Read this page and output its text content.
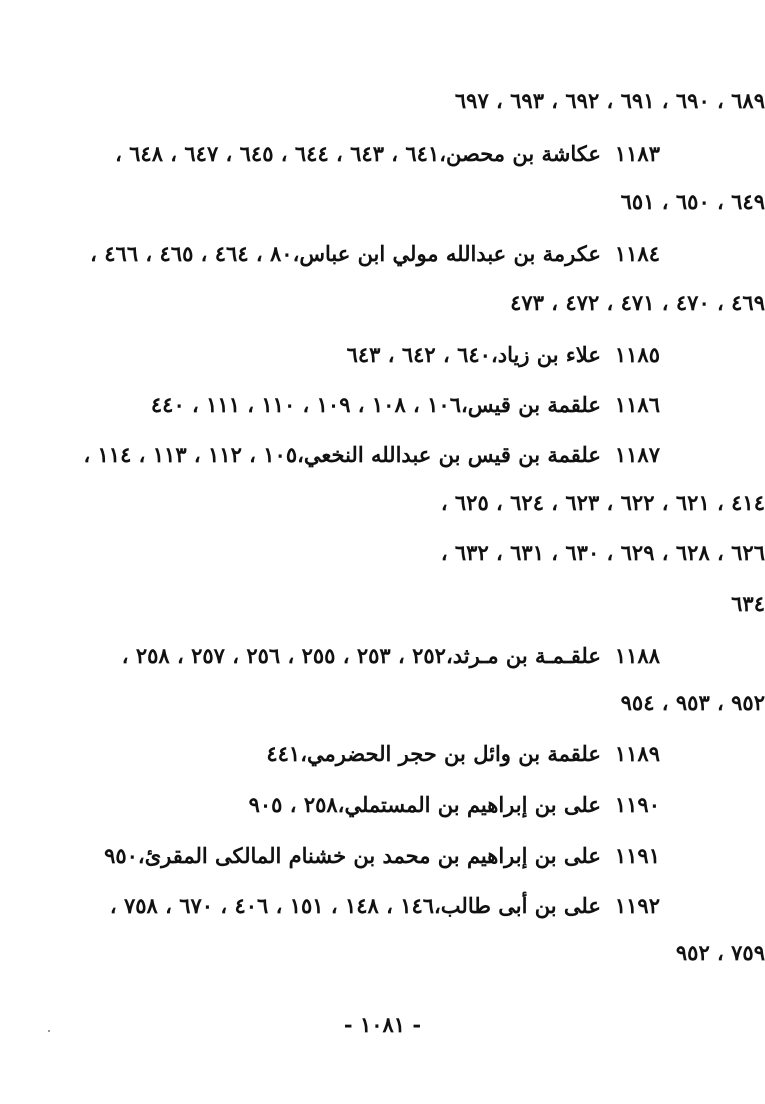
٦٨٩ ، ٦٩٠ ، ٦٩١ ، ٦٩٢ ، ٦٩٣ ، ٦٩٧
١١٨٣عكاشة بن محصن،٦٤١ ، ٦٤٣ ، ٦٤٤ ، ٦٤٥ ، ٦٤٧ ، ٦٤٨ ،
٦٤٩ ، ٦٥٠ ، ٦٥١
١١٨٤عكرمة بن عبدالله مولي ابن عباس،٨٠ ، ٤٦٤ ، ٤٦٥ ، ٤٦٦ ،
٤٦٩ ، ٤٧٠ ، ٤٧١ ، ٤٧٢ ، ٤٧٣
١١٨٥علاء بن زياد،٦٤٠ ، ٦٤٢ ، ٦٤٣
١١٨٦علقمة بن قيس،١٠٦ ، ١٠٨ ، ١٠٩ ، ١١٠ ، ١١١ ، ٤٤٠
١١٨٧علقمة بن قيس بن عبدالله النخعي،١٠٥ ، ١١٢ ، ١١٣ ، ١١٤ ،
٤١٤ ، ٦٢١ ، ٦٢٢ ، ٦٢٣ ، ٦٢٤ ، ٦٢٥ ،
٦٢٦ ، ٦٢٨ ، ٦٢٩ ، ٦٣٠ ، ٦٣١ ، ٦٣٢ ،
٦٣٤
١١٨٨علقـمـة بن مـرثد،٢٥٢ ، ٢٥٣ ، ٢٥٥ ، ٢٥٦ ، ٢٥٧ ، ٢٥٨ ،
٩٥٢ ، ٩٥٣ ، ٩٥٤
١١٨٩علقمة بن وائل بن حجر الحضرمي،٤٤١
١١٩٠على بن إبراهيم بن المستملي،٢٥٨ ، ٩٠٥
١١٩١على بن إبراهيم بن محمد بن خشنام المالكى المقرئ،٩٥٠
١١٩٢على بن أبى طالب،١٤٦ ، ١٤٨ ، ١٥١ ، ٤٠٦ ، ٦٧٠ ، ٧٥٨ ،
٧٥٩ ، ٩٥٢
- ١٠٨١ -
